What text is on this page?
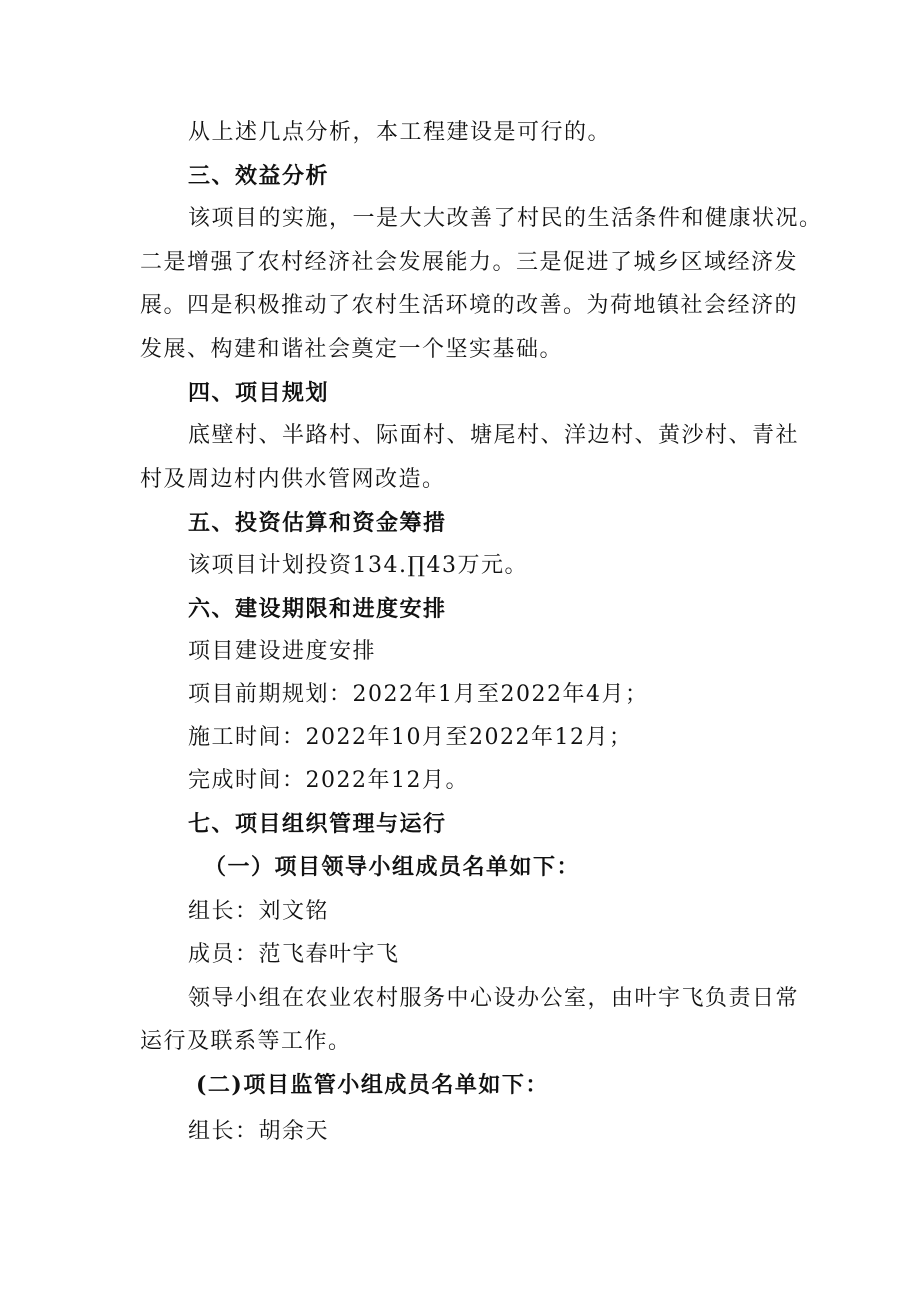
从上述几点分析，本工程建设是可行的。
三、效益分析
该项目的实施，一是大大改善了村民的生活条件和健康状况。
二是增强了农村经济社会发展能力。三是促进了城乡区域经济发
展。四是积极推动了农村生活环境的改善。为荷地镇社会经济的
发展、构建和谐社会奠定一个坚实基础。
四、项目规划
底壁村、半路村、际面村、塘尾村、洋边村、黄沙村、青社
村及周边村内供水管网改造。
五、投资估算和资金筹措
该项目计划投资134.∏43万元。
六、建设期限和进度安排
项目建设进度安排
项目前期规划：2022年1月至2022年4月；
施工时间：2022年10月至2022年12月；
完成时间：2022年12月。
七、项目组织管理与运行
（一）项目领导小组成员名单如下：
组长：刘文铭
成员：范飞春叶宇飞
领导小组在农业农村服务中心设办公室，由叶宇飞负责日常
运行及联系等工作。
(二)项目监管小组成员名单如下：
组长：胡余天
